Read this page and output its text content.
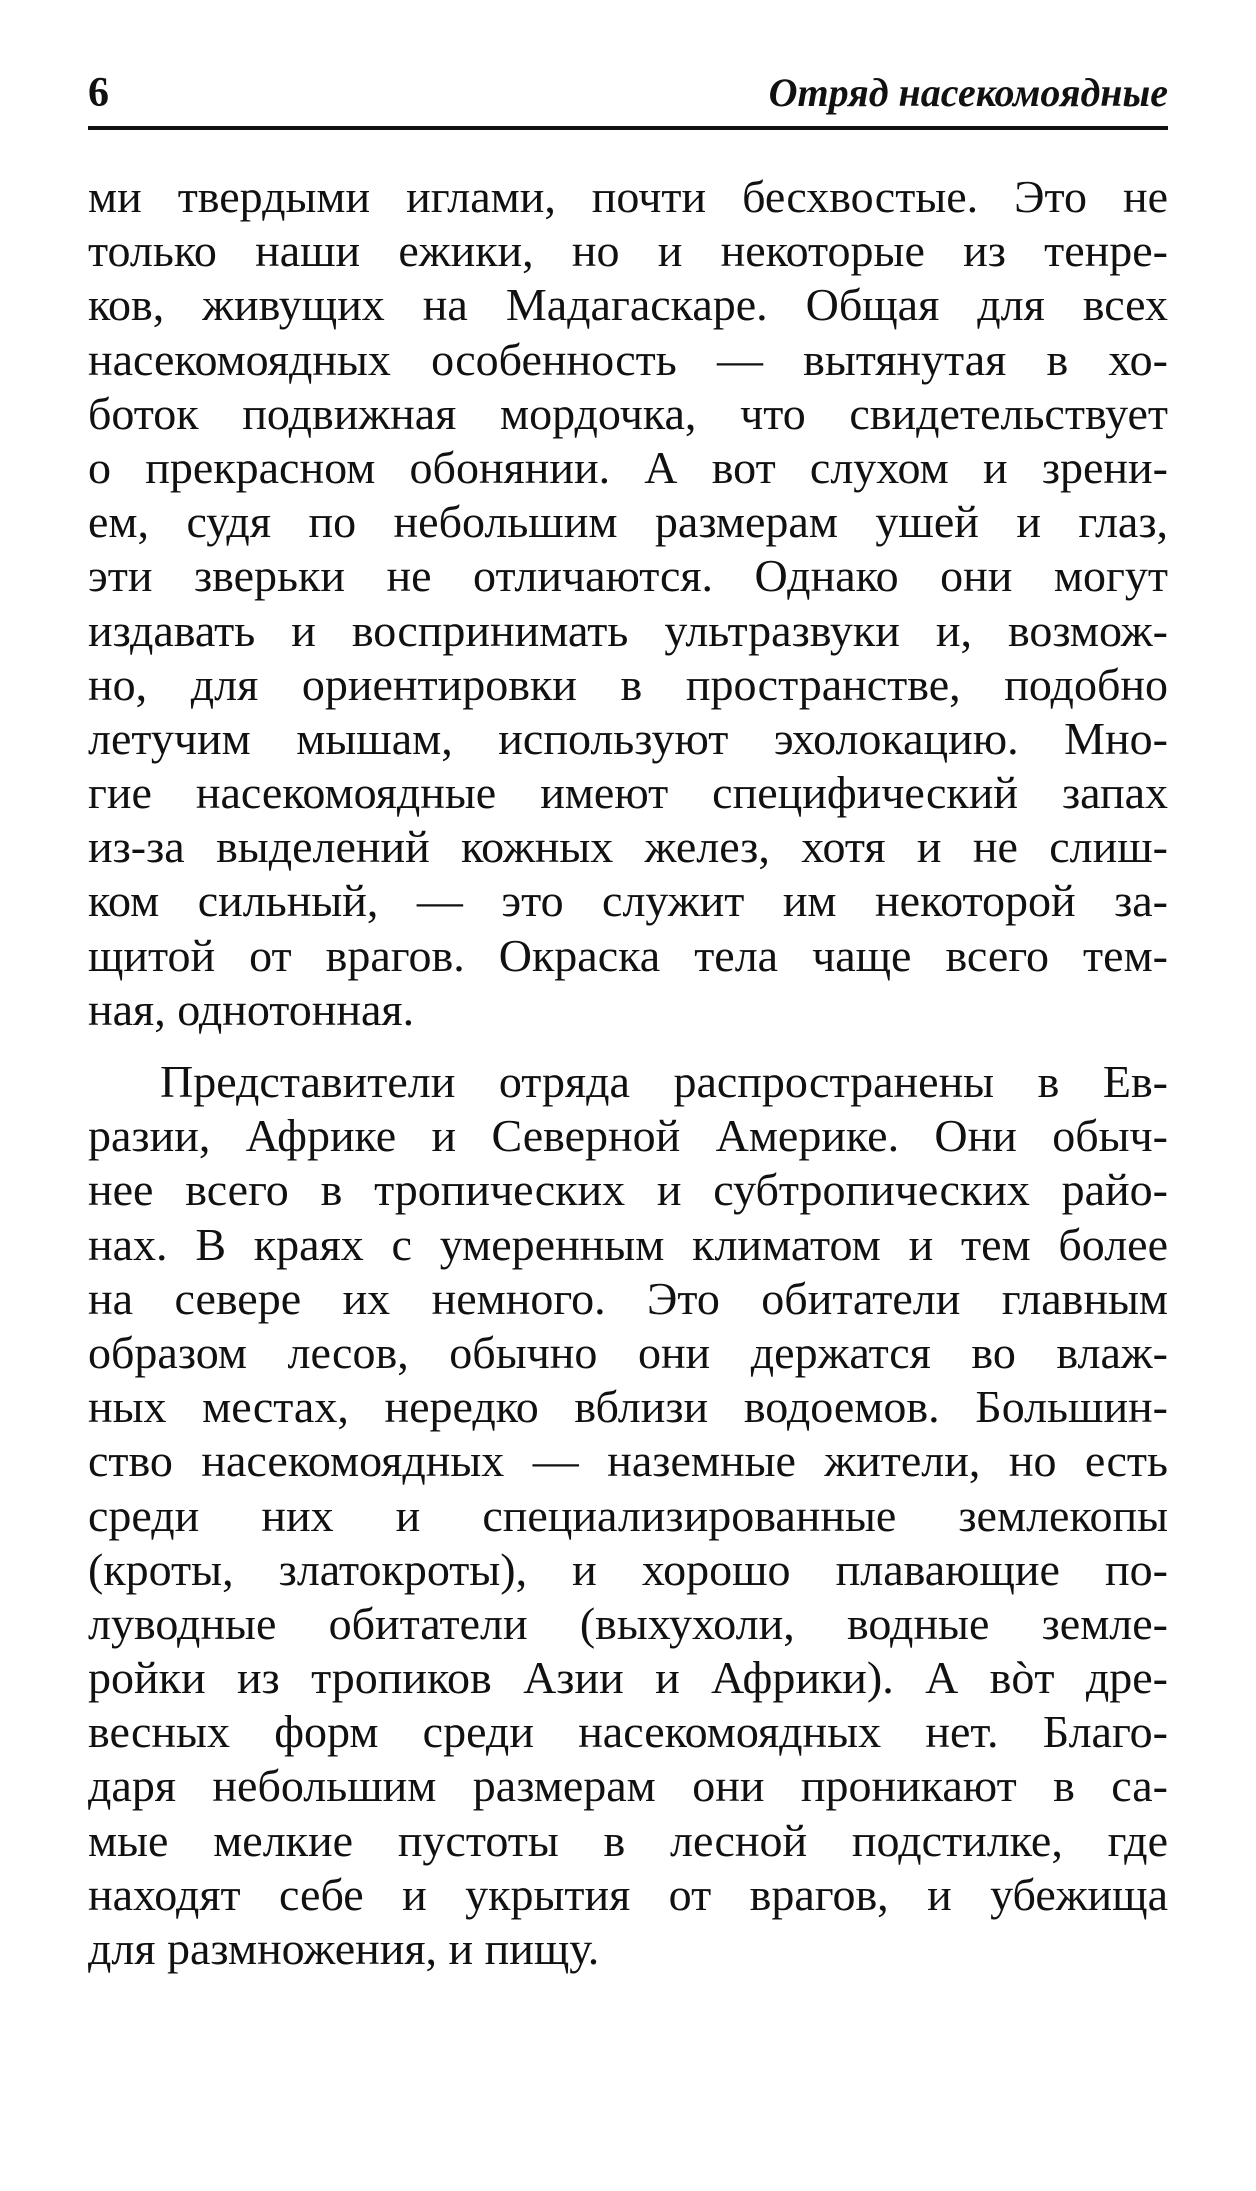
6	Отряд насекомоядные
ми твердыми иглами, почти бесхвостые. Это не
только наши ежики, но и некоторые из тенре-
ков, живущих на Мадагаскаре. Общая для всех
насекомоядных особенность — вытянутая в хо-
боток подвижная мордочка, что свидетельствует
о прекрасном обонянии. А вот слухом и зрени-
ем, судя по небольшим размерам ушей и глаз,
эти зверьки не отличаются. Однако они могут
издавать и воспринимать ультразвуки и, возмож-
но, для ориентировки в пространстве, подобно
летучим мышам, используют эхолокацию. Мно-
гие насекомоядные имеют специфический запах
из-за выделений кожных желез, хотя и не слиш-
ком сильный, — это служит им некоторой за-
щитой от врагов. Окраска тела чаще всего тем-
ная, однотонная.
Представители отряда распространены в Ев-
разии, Африке и Северной Америке. Они обыч-
нее всего в тропических и субтропических райо-
нах. В краях с умеренным климатом и тем более
на севере их немного. Это обитатели главным
образом лесов, обычно они держатся во влаж-
ных местах, нередко вблизи водоемов. Большин-
ство насекомоядных — наземные жители, но есть
среди них и специализированные землекопы
(кроты, златокроты), и хорошо плавающие по-
луводные обитатели (выхухоли, водные земле-
ройки из тропиков Азии и Африки). А вòт дре-
весных форм среди насекомоядных нет. Благо-
даря небольшим размерам они проникают в са-
мые мелкие пустоты в лесной подстилке, где
находят себе и укрытия от врагов, и убежища
для размножения, и пищу.
